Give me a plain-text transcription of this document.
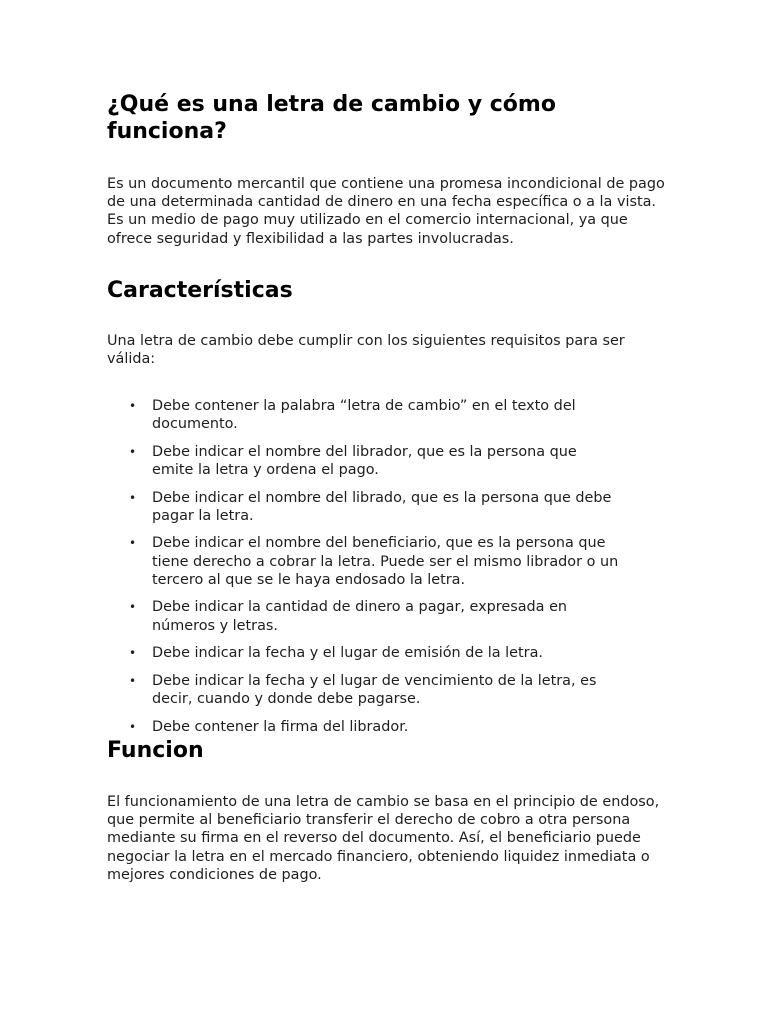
¿Qué es una letra de cambio y cómo funciona?

Es un documento mercantil que contiene una promesa incondicional de pago de una determinada cantidad de dinero en una fecha específica o a la vista. Es un medio de pago muy utilizado en el comercio internacional, ya que ofrece seguridad y flexibilidad a las partes involucradas.

Características

Una letra de cambio debe cumplir con los siguientes requisitos para ser válida:

• Debe contener la palabra “letra de cambio” en el texto del documento.
• Debe indicar el nombre del librador, que es la persona que emite la letra y ordena el pago.
• Debe indicar el nombre del librado, que es la persona que debe pagar la letra.
• Debe indicar el nombre del beneficiario, que es la persona que tiene derecho a cobrar la letra. Puede ser el mismo librador o un tercero al que se le haya endosado la letra.
• Debe indicar la cantidad de dinero a pagar, expresada en números y letras.
• Debe indicar la fecha y el lugar de emisión de la letra.
• Debe indicar la fecha y el lugar de vencimiento de la letra, es decir, cuando y donde debe pagarse.
• Debe contener la firma del librador.
Funcion

El funcionamiento de una letra de cambio se basa en el principio de endoso, que permite al beneficiario transferir el derecho de cobro a otra persona mediante su firma en el reverso del documento. Así, el beneficiario puede negociar la letra en el mercado financiero, obteniendo liquidez inmediata o mejores condiciones de pago.
